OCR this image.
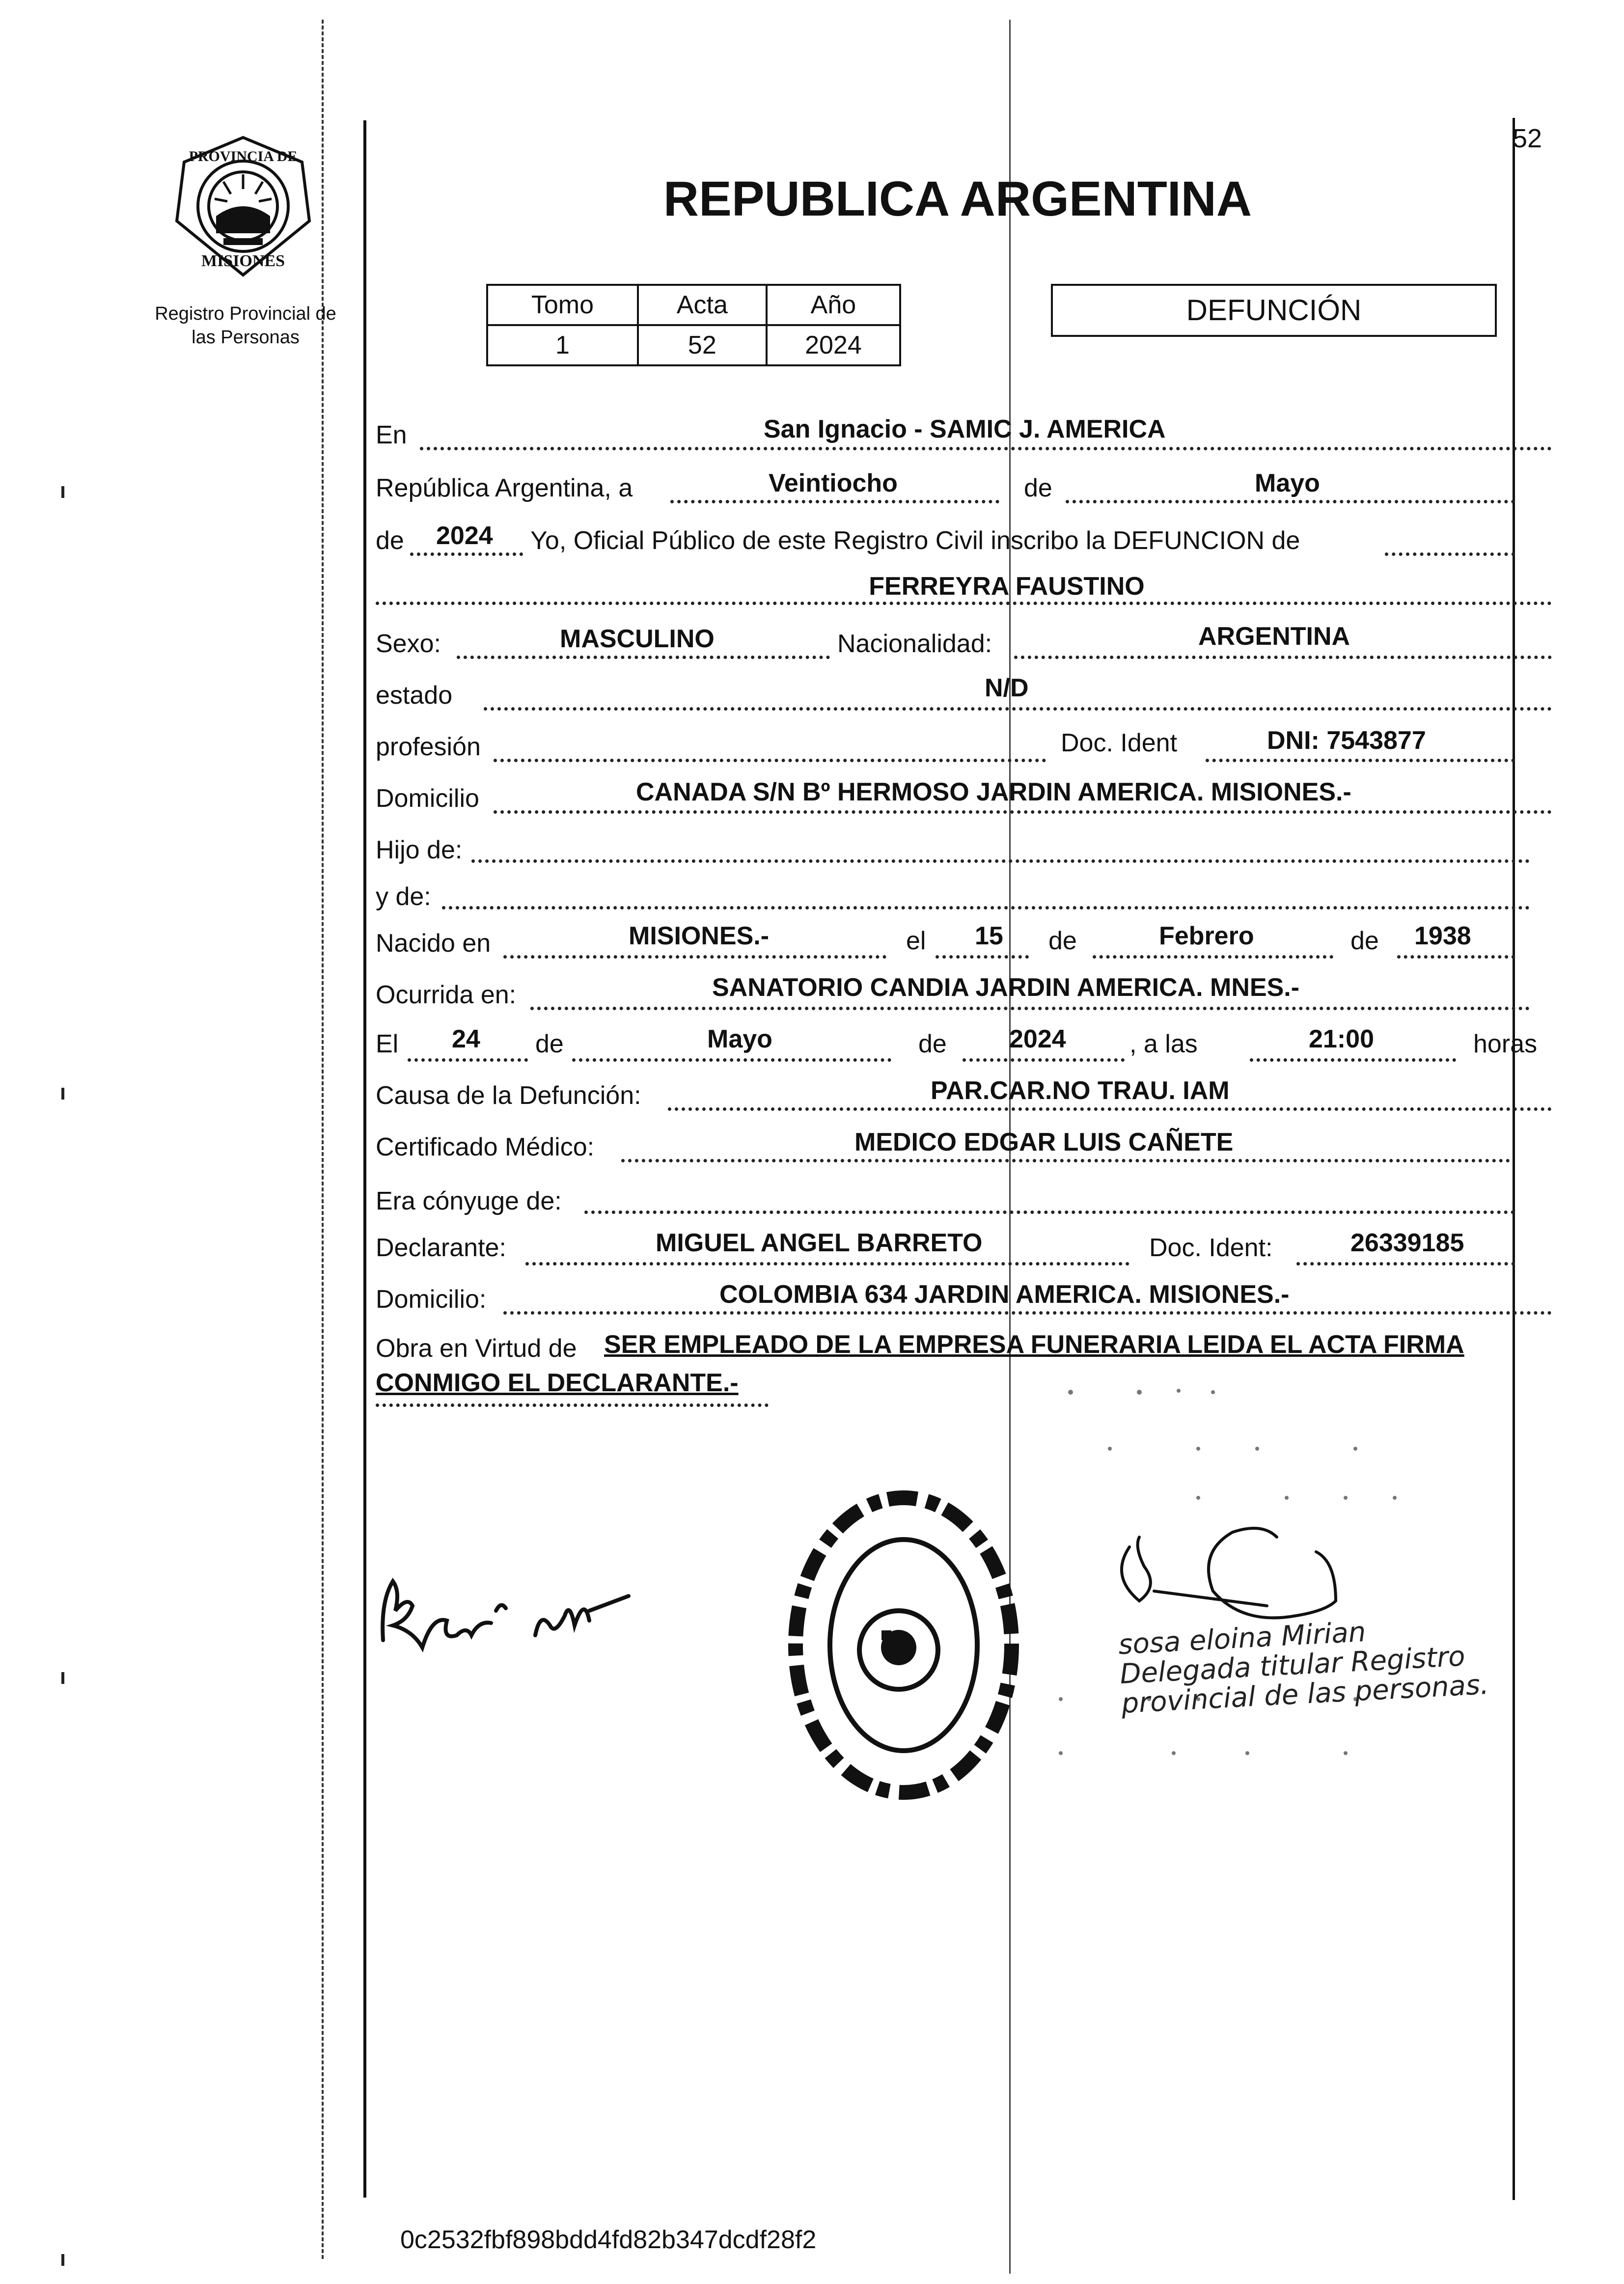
PROVINCIA DE
MISIONES
Registro Provincial de
las Personas
52
REPUBLICA ARGENTINA
Tomo	Acta	Año
1	52	2024
DEFUNCIÓN
En	San Ignacio - SAMIC J. AMERICA
República Argentina, a	Veintiocho	de	Mayo
de 2024 Yo, Oficial Público de este Registro Civil inscribo la DEFUNCION de
FERREYRA FAUSTINO
Sexo:	MASCULINO	Nacionalidad:	ARGENTINA
estado	N/D
profesión	Doc. Ident	DNI: 7543877
Domicilio	CANADA S/N Bº HERMOSO JARDIN AMERICA. MISIONES.-
Hijo de:
y de:
Nacido en	MISIONES.-	el 15 de	Febrero	de 1938
Ocurrida en:	SANATORIO CANDIA JARDIN AMERICA. MNES.-
El 24 de	Mayo	de 2024 , a las	21:00	horas
Causa de la Defunción:	PAR.CAR.NO TRAU. IAM
Certificado Médico:	MEDICO EDGAR LUIS CAÑETE
Era cónyuge de:
Declarante:	MIGUEL ANGEL BARRETO	Doc. Ident:	26339185
Domicilio:	COLOMBIA 634 JARDIN AMERICA. MISIONES.-
Obra en Virtud de SER EMPLEADO DE LA EMPRESA FUNERARIA LEIDA EL ACTA FIRMA
CONMIGO EL DECLARANTE.-
sosa eloina Mirian Delegada titular Registro provincial de las personas.
0c2532fbf898bdd4fd82b347dcdf28f2
